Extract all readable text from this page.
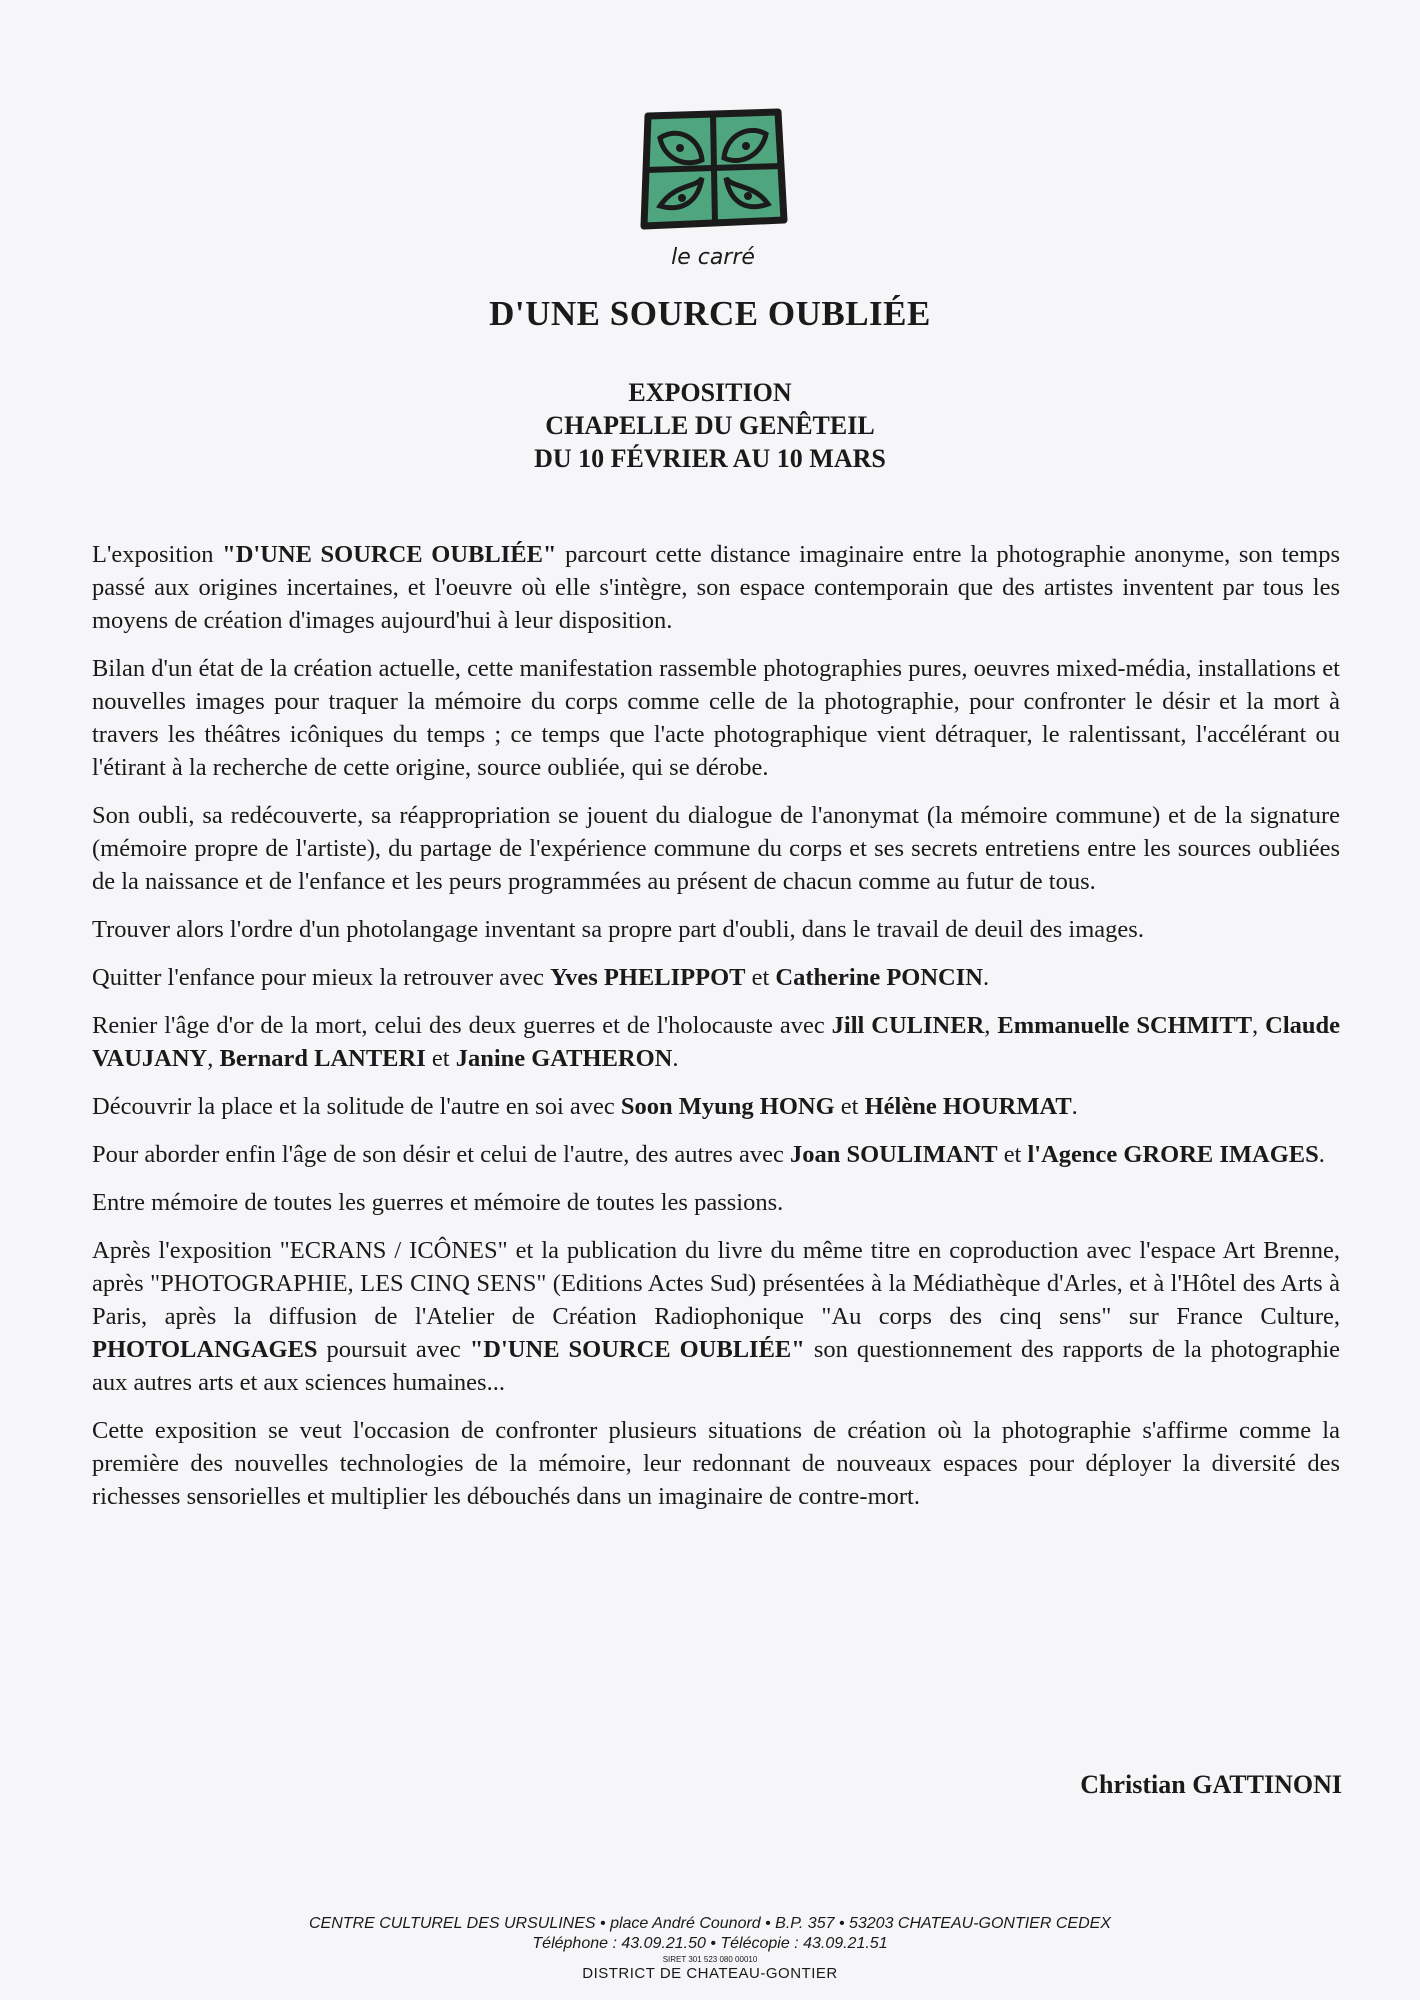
le carré
D'UNE SOURCE OUBLIÉE
EXPOSITION
CHAPELLE DU GENÊTEIL
DU 10 FÉVRIER AU 10 MARS

L'exposition "D'UNE SOURCE OUBLIÉE" parcourt cette distance imaginaire entre la photographie anonyme, son temps passé aux origines incertaines, et l'oeuvre où elle s'intègre, son espace contemporain que des artistes inventent par tous les moyens de création d'images aujourd'hui à leur disposition.

Bilan d'un état de la création actuelle, cette manifestation rassemble photographies pures, oeuvres mixed-média, installations et nouvelles images pour traquer la mémoire du corps comme celle de la photographie, pour confronter le désir et la mort à travers les théâtres icôniques du temps ; ce temps que l'acte photographique vient détraquer, le ralentissant, l'accélérant ou l'étirant à la recherche de cette origine, source oubliée, qui se dérobe.

Son oubli, sa redécouverte, sa réappropriation se jouent du dialogue de l'anonymat (la mémoire commune) et de la signature (mémoire propre de l'artiste), du partage de l'expérience commune du corps et ses secrets entretiens entre les sources oubliées de la naissance et de l'enfance et les peurs programmées au présent de chacun comme au futur de tous.

Trouver alors l'ordre d'un photolangage inventant sa propre part d'oubli, dans le travail de deuil des images.

Quitter l'enfance pour mieux la retrouver avec Yves PHELIPPOT et Catherine PONCIN.

Renier l'âge d'or de la mort, celui des deux guerres et de l'holocauste avec Jill CULINER, Emmanuelle SCHMITT, Claude VAUJANY, Bernard LANTERI et Janine GATHERON.

Découvrir la place et la solitude de l'autre en soi avec Soon Myung HONG et Hélène HOURMAT.

Pour aborder enfin l'âge de son désir et celui de l'autre, des autres avec Joan SOULIMANT et l'Agence GRORE IMAGES.

Entre mémoire de toutes les guerres et mémoire de toutes les passions.

Après l'exposition "ECRANS / ICÔNES" et la publication du livre du même titre en coproduction avec l'espace Art Brenne, après "PHOTOGRAPHIE, LES CINQ SENS" (Editions Actes Sud) présentées à la Médiathèque d'Arles, et à l'Hôtel des Arts à Paris, après la diffusion de l'Atelier de Création Radiophonique "Au corps des cinq sens" sur France Culture, PHOTOLANGAGES poursuit avec "D'UNE SOURCE OUBLIÉE" son questionnement des rapports de la photographie aux autres arts et aux sciences humaines...

Cette exposition se veut l'occasion de confronter plusieurs situations de création où la photographie s'affirme comme la première des nouvelles technologies de la mémoire, leur redonnant de nouveaux espaces pour déployer la diversité des richesses sensorielles et multiplier les débouchés dans un imaginaire de contre-mort.

Christian GATTINONI
CENTRE CULTUREL DES URSULINES • place André Counord • B.P. 357 • 53203 CHATEAU-GONTIER CEDEX
Téléphone : 43.09.21.50 • Télécopie : 43.09.21.51
SIRET 301 523 080 00010
DISTRICT DE CHATEAU-GONTIER
